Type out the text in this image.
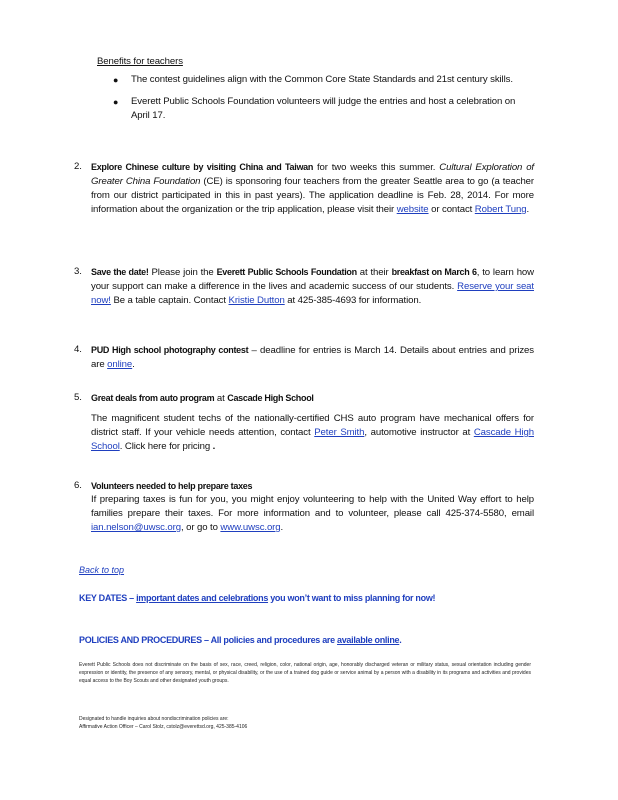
Benefits for teachers
● The contest guidelines align with the Common Core State Standards and 21st century skills.
● Everett Public Schools Foundation volunteers will judge the entries and host a celebration on April 17.
2. Explore Chinese culture by visiting China and Taiwan for two weeks this summer. Cultural Exploration of Greater China Foundation (CE) is sponsoring four teachers from the greater Seattle area to go (a teacher from our district participated in this in past years). The application deadline is Feb. 28, 2014. For more information about the organization or the trip application, please visit their website or contact Robert Tung.
3. Save the date! Please join the Everett Public Schools Foundation at their breakfast on March 6, to learn how your support can make a difference in the lives and academic success of our students. Reserve your seat now! Be a table captain. Contact Kristie Dutton at 425-385-4693 for information.
4. PUD High school photography contest – deadline for entries is March 14. Details about entries and prizes are online.
5. Great deals from auto program at Cascade High School
The magnificent student techs of the nationally-certified CHS auto program have mechanical offers for district staff. If your vehicle needs attention, contact Peter Smith, automotive instructor at Cascade High School. Click here for pricing .
6. Volunteers needed to help prepare taxes
If preparing taxes is fun for you, you might enjoy volunteering to help with the United Way effort to help families prepare their taxes. For more information and to volunteer, please call 425-374-5580, email ian.nelson@uwsc.org, or go to www.uwsc.org.
Back to top
KEY DATES – important dates and celebrations you won’t want to miss planning for now!
POLICIES AND PROCEDURES – All policies and procedures are available online.
Everett Public Schools does not discriminate on the basis of sex, race, creed, religion, color, national origin, age, honorably discharged veteran or military status, sexual orientation including gender expression or identity, the presence of any sensory, mental, or physical disability, or the use of a trained dog guide or service animal by a person with a disability in its programs and activities and provides equal access to the Boy Scouts and other designated youth groups.
Designated to handle inquiries about nondiscrimination policies are:
Affirmative Action Officer – Carol Stolz, cstolz@everettsd.org, 425-385-4106
